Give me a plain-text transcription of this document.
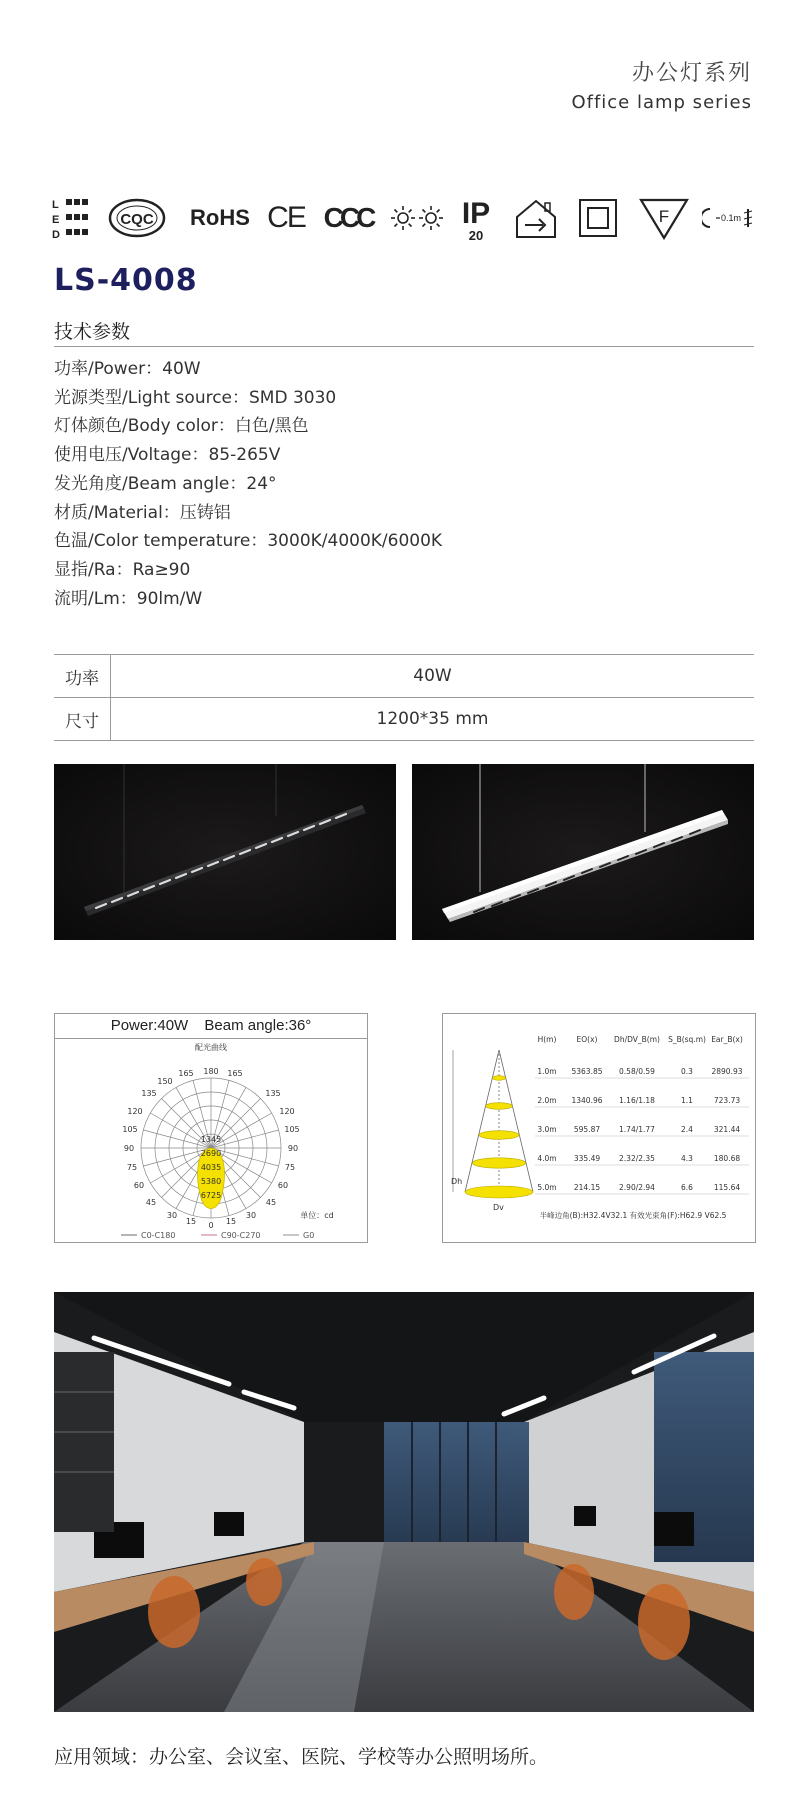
办公灯系列
Office lamp series
L
E
D
CQC RoHS CE CCC	IP
20
F	0.1m
LS-4008
技术参数
功率/Power：40W
光源类型/Light source：SMD 3030
灯体颜色/Body color：白色/黑色
使用电压/Voltage：85-265V
发光角度/Beam angle：24°
材质/Material：压铸铝
色温/Color temperature：3000K/4000K/6000K
显指/Ra：Ra≥90
流明/Lm：90lm/W
功率	40W
尺寸	1200*35 mm
Power:40W Beam angle:36°
配光曲线
1345
2690
4035
5380
6725
180
0
165
150
135
120
105
90
75
60
45
30
15
165
135
120
105
90
75
60
45
30
15
单位：cd
C0-C180	C90-C270	G0
Dh
Dv
H(m)	EO(x) Dh/DV_B(m) S_B(sq.m) Ear_B(x)
1.0m 5363.85 0.58/0.59	0.3 2890.93
2.0m 1340.96 1.16/1.18	1.1	723.73
3.0m 595.87	1.74/1.77	2.4	321.44
4.0m 335.49	2.32/2.35	4.3	180.68
5.0m 214.15	2.90/2.94	6.6	115.64
半峰边角(B):H32.4V32.1 有效光束角(F):H62.9 V62.5
应用领域：办公室、会议室、医院、学校等办公照明场所。
